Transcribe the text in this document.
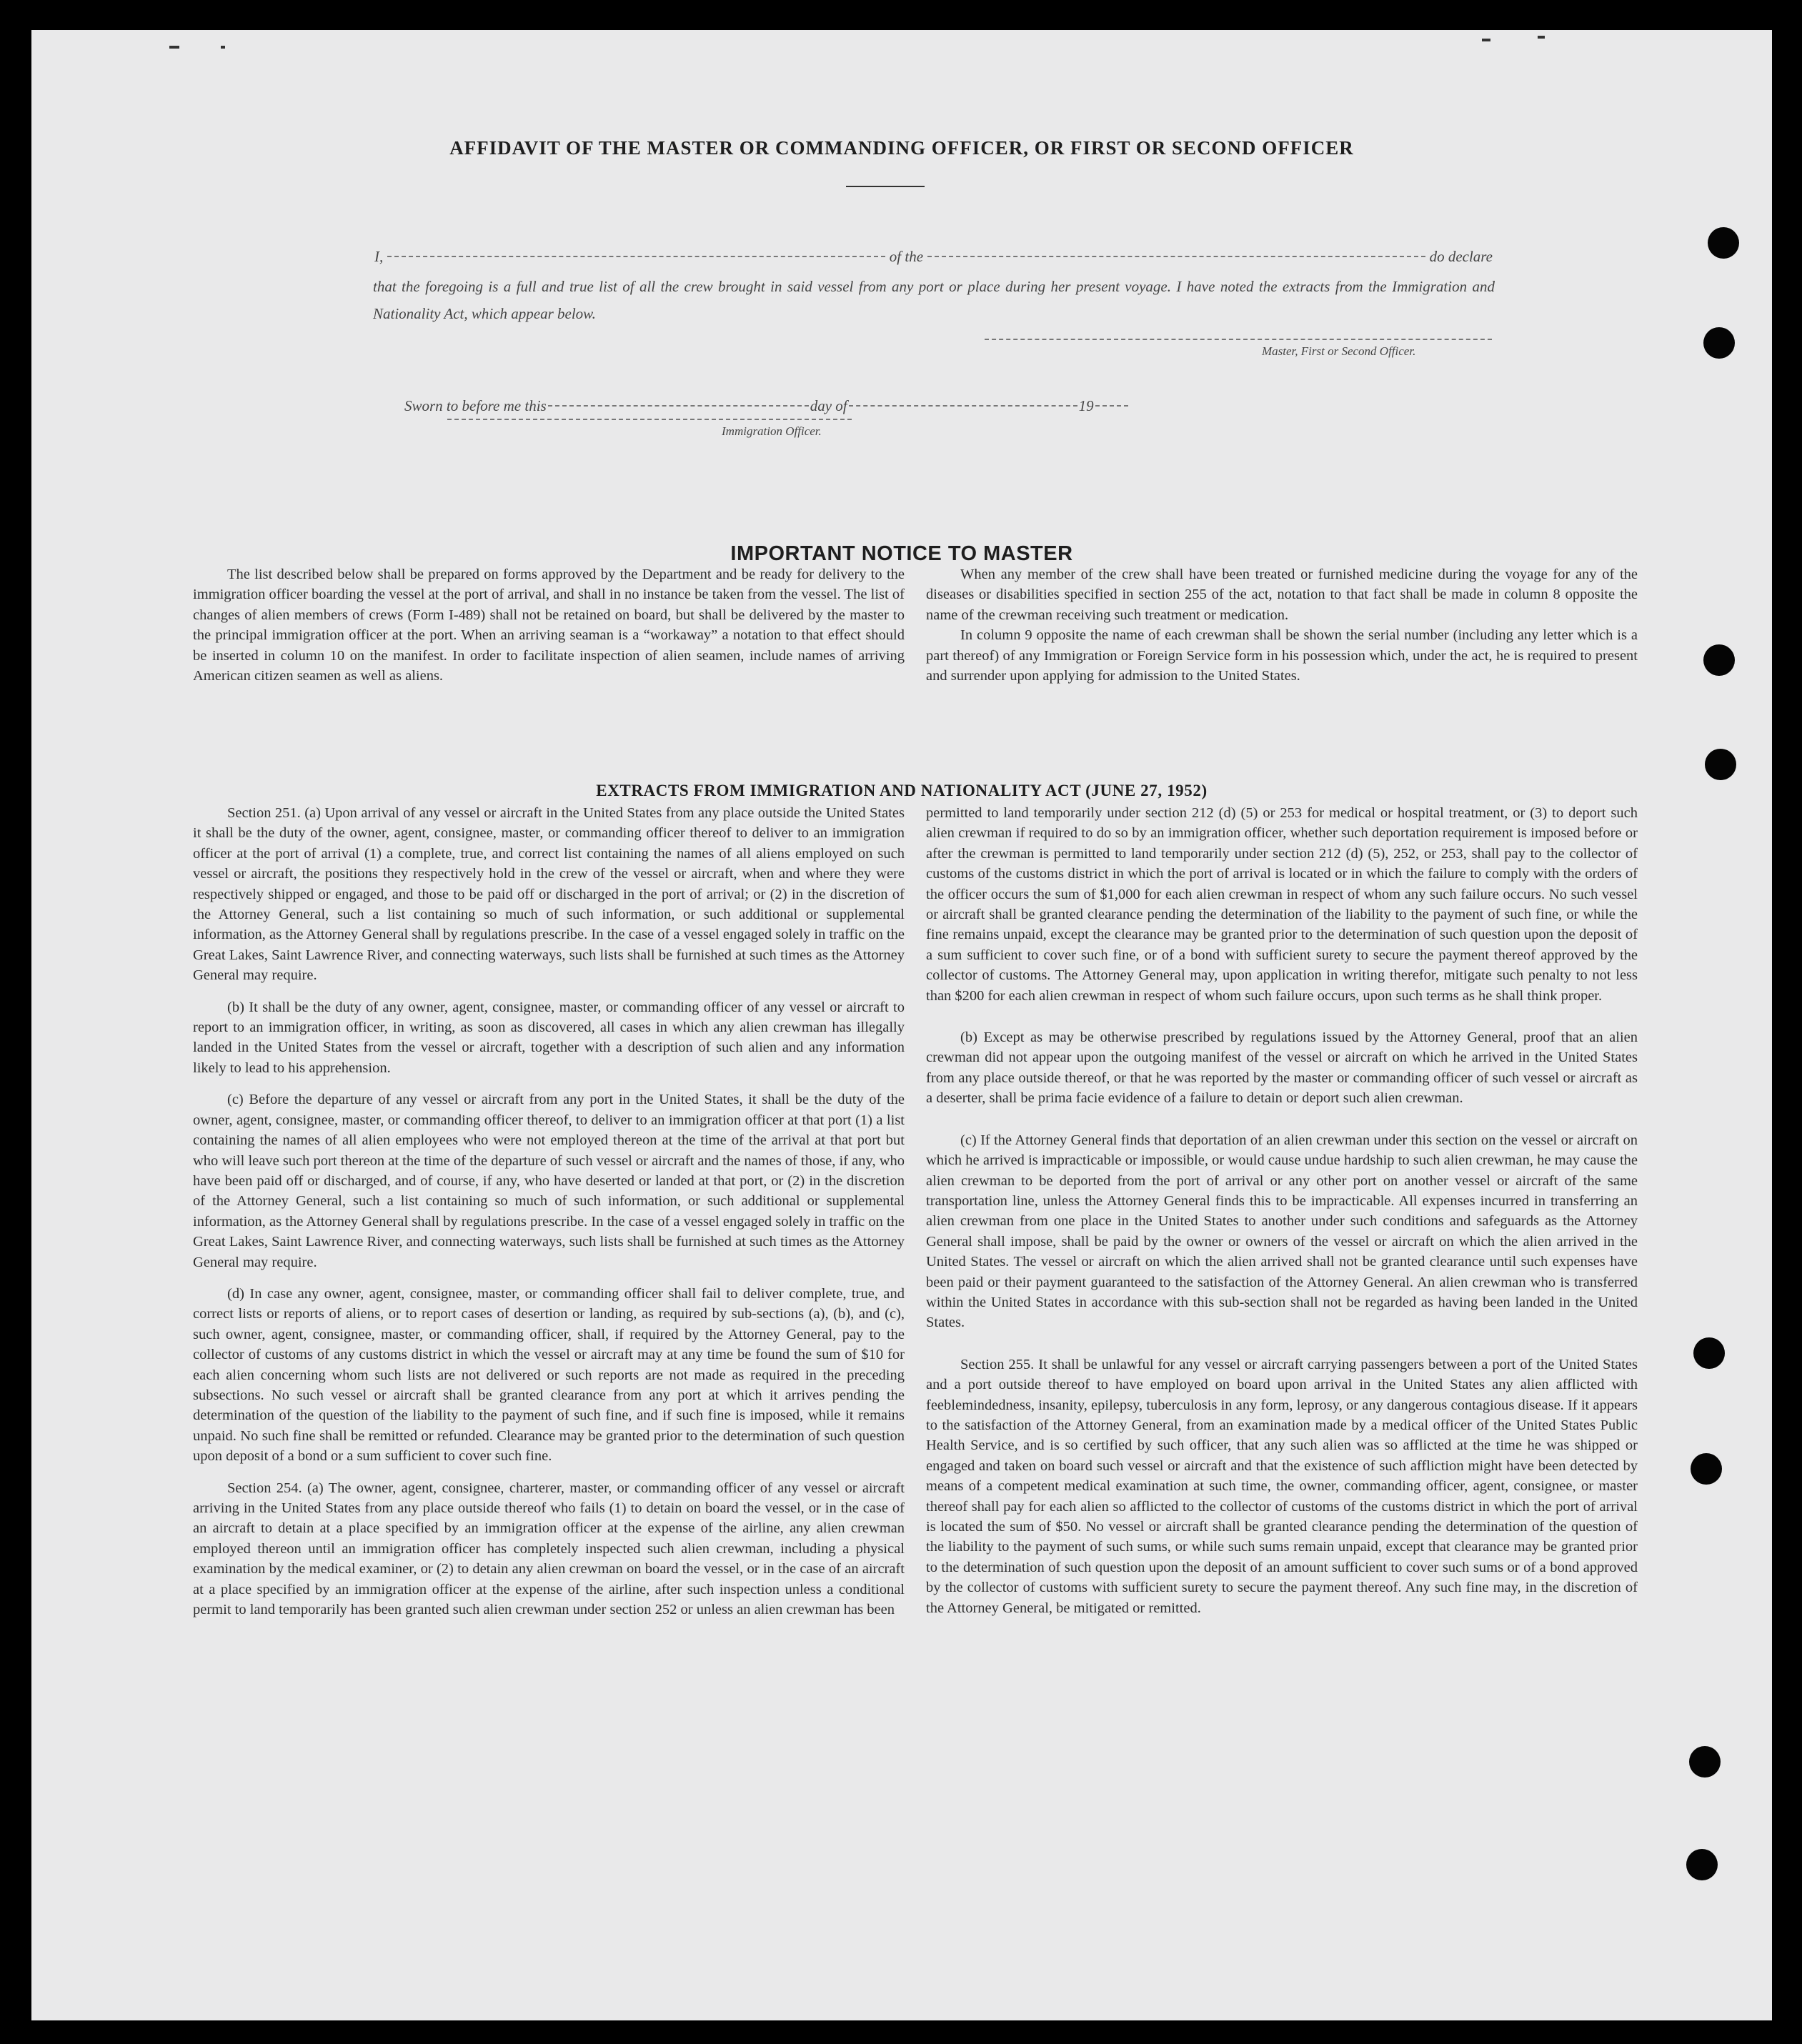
AFFIDAVIT OF THE MASTER OR COMMANDING OFFICER, OR FIRST OR SECOND OFFICER
I,	of the	do declare
that the foregoing is a full and true list of all the crew brought in said vessel from any port or place during her present voyage. I have noted the extracts from the Immigration and Nationality Act, which appear below.
Master, First or Second Officer.
Sworn to before me this	day of	19
Immigration Officer.
IMPORTANT NOTICE TO MASTER

The list described below shall be prepared on forms approved by the Department and be ready for delivery to the immigration officer boarding the vessel at the port of arrival, and shall in no instance be taken from the vessel. The list of changes of alien members of crews (Form I-489) shall not be retained on board, but shall be delivered by the master to the principal immigration officer at the port. When an arriving seaman is a “workaway” a notation to that effect should be inserted in column 10 on the manifest. In order to facilitate inspection of alien seamen, include names of arriving American citizen seamen as well as aliens.

When any member of the crew shall have been treated or furnished medicine during the voyage for any of the diseases or disabilities specified in section 255 of the act, notation to that fact shall be made in column 8 opposite the name of the crewman receiving such treatment or medication.

In column 9 opposite the name of each crewman shall be shown the serial number (including any letter which is a part thereof) of any Immigration or Foreign Service form in his possession which, under the act, he is required to present and surrender upon applying for admission to the United States.

EXTRACTS FROM IMMIGRATION AND NATIONALITY ACT (JUNE 27, 1952)

Section 251. (a) Upon arrival of any vessel or aircraft in the United States from any place outside the United States it shall be the duty of the owner, agent, consignee, master, or commanding officer thereof to deliver to an immigration officer at the port of arrival (1) a complete, true, and correct list containing the names of all aliens employed on such vessel or aircraft, the positions they respectively hold in the crew of the vessel or aircraft, when and where they were respectively shipped or engaged, and those to be paid off or discharged in the port of arrival; or (2) in the discretion of the Attorney General, such a list containing so much of such information, or such additional or supplemental information, as the Attorney General shall by regulations prescribe. In the case of a vessel engaged solely in traffic on the Great Lakes, Saint Lawrence River, and connecting waterways, such lists shall be furnished at such times as the Attorney General may require.

(b) It shall be the duty of any owner, agent, consignee, master, or commanding officer of any vessel or aircraft to report to an immigration officer, in writing, as soon as discovered, all cases in which any alien crewman has illegally landed in the United States from the vessel or aircraft, together with a description of such alien and any information likely to lead to his apprehension.

(c) Before the departure of any vessel or aircraft from any port in the United States, it shall be the duty of the owner, agent, consignee, master, or commanding officer thereof, to deliver to an immigration officer at that port (1) a list containing the names of all alien employees who were not employed thereon at the time of the arrival at that port but who will leave such port thereon at the time of the departure of such vessel or aircraft and the names of those, if any, who have been paid off or discharged, and of course, if any, who have deserted or landed at that port, or (2) in the discretion of the Attorney General, such a list containing so much of such information, or such additional or supplemental information, as the Attorney General shall by regulations prescribe. In the case of a vessel engaged solely in traffic on the Great Lakes, Saint Lawrence River, and connecting waterways, such lists shall be furnished at such times as the Attorney General may require.

(d) In case any owner, agent, consignee, master, or commanding officer shall fail to deliver complete, true, and correct lists or reports of aliens, or to report cases of desertion or landing, as required by sub-sections (a), (b), and (c), such owner, agent, consignee, master, or commanding officer, shall, if required by the Attorney General, pay to the collector of customs of any customs district in which the vessel or aircraft may at any time be found the sum of $10 for each alien concerning whom such lists are not delivered or such reports are not made as required in the preceding subsections. No such vessel or aircraft shall be granted clearance from any port at which it arrives pending the determination of the question of the liability to the payment of such fine, and if such fine is imposed, while it remains unpaid. No such fine shall be remitted or refunded. Clearance may be granted prior to the determination of such question upon deposit of a bond or a sum sufficient to cover such fine.

Section 254. (a) The owner, agent, consignee, charterer, master, or commanding officer of any vessel or aircraft arriving in the United States from any place outside thereof who fails (1) to detain on board the vessel, or in the case of an aircraft to detain at a place specified by an immigration officer at the expense of the airline, any alien crewman employed thereon until an immigration officer has completely inspected such alien crewman, including a physical examination by the medical examiner, or (2) to detain any alien crewman on board the vessel, or in the case of an aircraft at a place specified by an immigration officer at the expense of the airline, after such inspection unless a conditional permit to land temporarily has been granted such alien crewman under section 252 or unless an alien crewman has been

permitted to land temporarily under section 212 (d) (5) or 253 for medical or hospital treatment, or (3) to deport such alien crewman if required to do so by an immigration officer, whether such deportation requirement is imposed before or after the crewman is permitted to land temporarily under section 212 (d) (5), 252, or 253, shall pay to the collector of customs of the customs district in which the port of arrival is located or in which the failure to comply with the orders of the officer occurs the sum of $1,000 for each alien crewman in respect of whom any such failure occurs. No such vessel or aircraft shall be granted clearance pending the determination of the liability to the payment of such fine, or while the fine remains unpaid, except the clearance may be granted prior to the determination of such question upon the deposit of a sum sufficient to cover such fine, or of a bond with sufficient surety to secure the payment thereof approved by the collector of customs. The Attorney General may, upon application in writing therefor, mitigate such penalty to not less than $200 for each alien crewman in respect of whom such failure occurs, upon such terms as he shall think proper.

(b) Except as may be otherwise prescribed by regulations issued by the Attorney General, proof that an alien crewman did not appear upon the outgoing manifest of the vessel or aircraft on which he arrived in the United States from any place outside thereof, or that he was reported by the master or commanding officer of such vessel or aircraft as a deserter, shall be prima facie evidence of a failure to detain or deport such alien crewman.

(c) If the Attorney General finds that deportation of an alien crewman under this section on the vessel or aircraft on which he arrived is impracticable or impossible, or would cause undue hardship to such alien crewman, he may cause the alien crewman to be deported from the port of arrival or any other port on another vessel or aircraft of the same transportation line, unless the Attorney General finds this to be impracticable. All expenses incurred in transferring an alien crewman from one place in the United States to another under such conditions and safeguards as the Attorney General shall impose, shall be paid by the owner or owners of the vessel or aircraft on which the alien arrived in the United States. The vessel or aircraft on which the alien arrived shall not be granted clearance until such expenses have been paid or their payment guaranteed to the satisfaction of the Attorney General. An alien crewman who is transferred within the United States in accordance with this sub-section shall not be regarded as having been landed in the United States.

Section 255. It shall be unlawful for any vessel or aircraft carrying passengers between a port of the United States and a port outside thereof to have employed on board upon arrival in the United States any alien afflicted with feeblemindedness, insanity, epilepsy, tuberculosis in any form, leprosy, or any dangerous contagious disease. If it appears to the satisfaction of the Attorney General, from an examination made by a medical officer of the United States Public Health Service, and is so certified by such officer, that any such alien was so afflicted at the time he was shipped or engaged and taken on board such vessel or aircraft and that the existence of such affliction might have been detected by means of a competent medical examination at such time, the owner, commanding officer, agent, consignee, or master thereof shall pay for each alien so afflicted to the collector of customs of the customs district in which the port of arrival is located the sum of $50. No vessel or aircraft shall be granted clearance pending the determination of the question of the liability to the payment of such sums, or while such sums remain unpaid, except that clearance may be granted prior to the determination of such question upon the deposit of an amount sufficient to cover such sums or of a bond approved by the collector of customs with sufficient surety to secure the payment thereof. Any such fine may, in the discretion of the Attorney General, be mitigated or remitted.
